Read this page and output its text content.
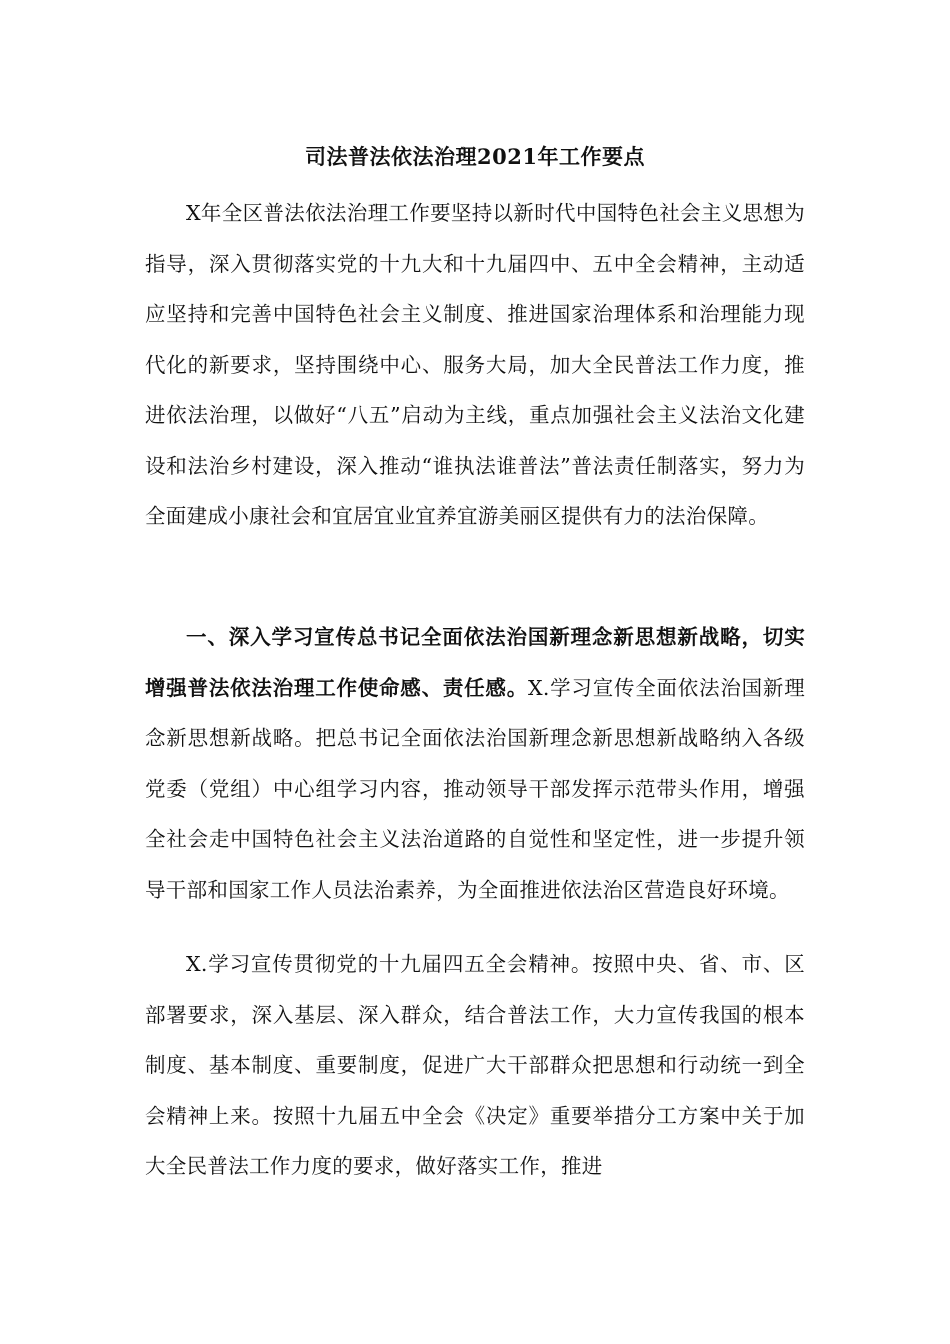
司法普法依法治理2021年工作要点

X年全区普法依法治理工作要坚持以新时代中国特色社会主义思想为指导，深入贯彻落实党的十九大和十九届四中、五中全会精神，主动适应坚持和完善中国特色社会主义制度、推进国家治理体系和治理能力现代化的新要求，坚持围绕中心、服务大局，加大全民普法工作力度，推进依法治理，以做好“八五”启动为主线，重点加强社会主义法治文化建设和法治乡村建设，深入推动“谁执法谁普法”普法责任制落实，努力为全面建成小康社会和宜居宜业宜养宜游美丽区提供有力的法治保障。

一、深入学习宣传总书记全面依法治国新理念新思想新战略，切实增强普法依法治理工作使命感、责任感。X.学习宣传全面依法治国新理念新思想新战略。把总书记全面依法治国新理念新思想新战略纳入各级党委（党组）中心组学习内容，推动领导干部发挥示范带头作用，增强全社会走中国特色社会主义法治道路的自觉性和坚定性，进一步提升领导干部和国家工作人员法治素养，为全面推进依法治区营造良好环境。

X.学习宣传贯彻党的十九届四五全会精神。按照中央、省、市、区部署要求，深入基层、深入群众，结合普法工作，大力宣传我国的根本制度、基本制度、重要制度，促进广大干部群众把思想和行动统一到全会精神上来。按照十九届五中全会《决定》重要举措分工方案中关于加大全民普法工作力度的要求，做好落实工作，推进
